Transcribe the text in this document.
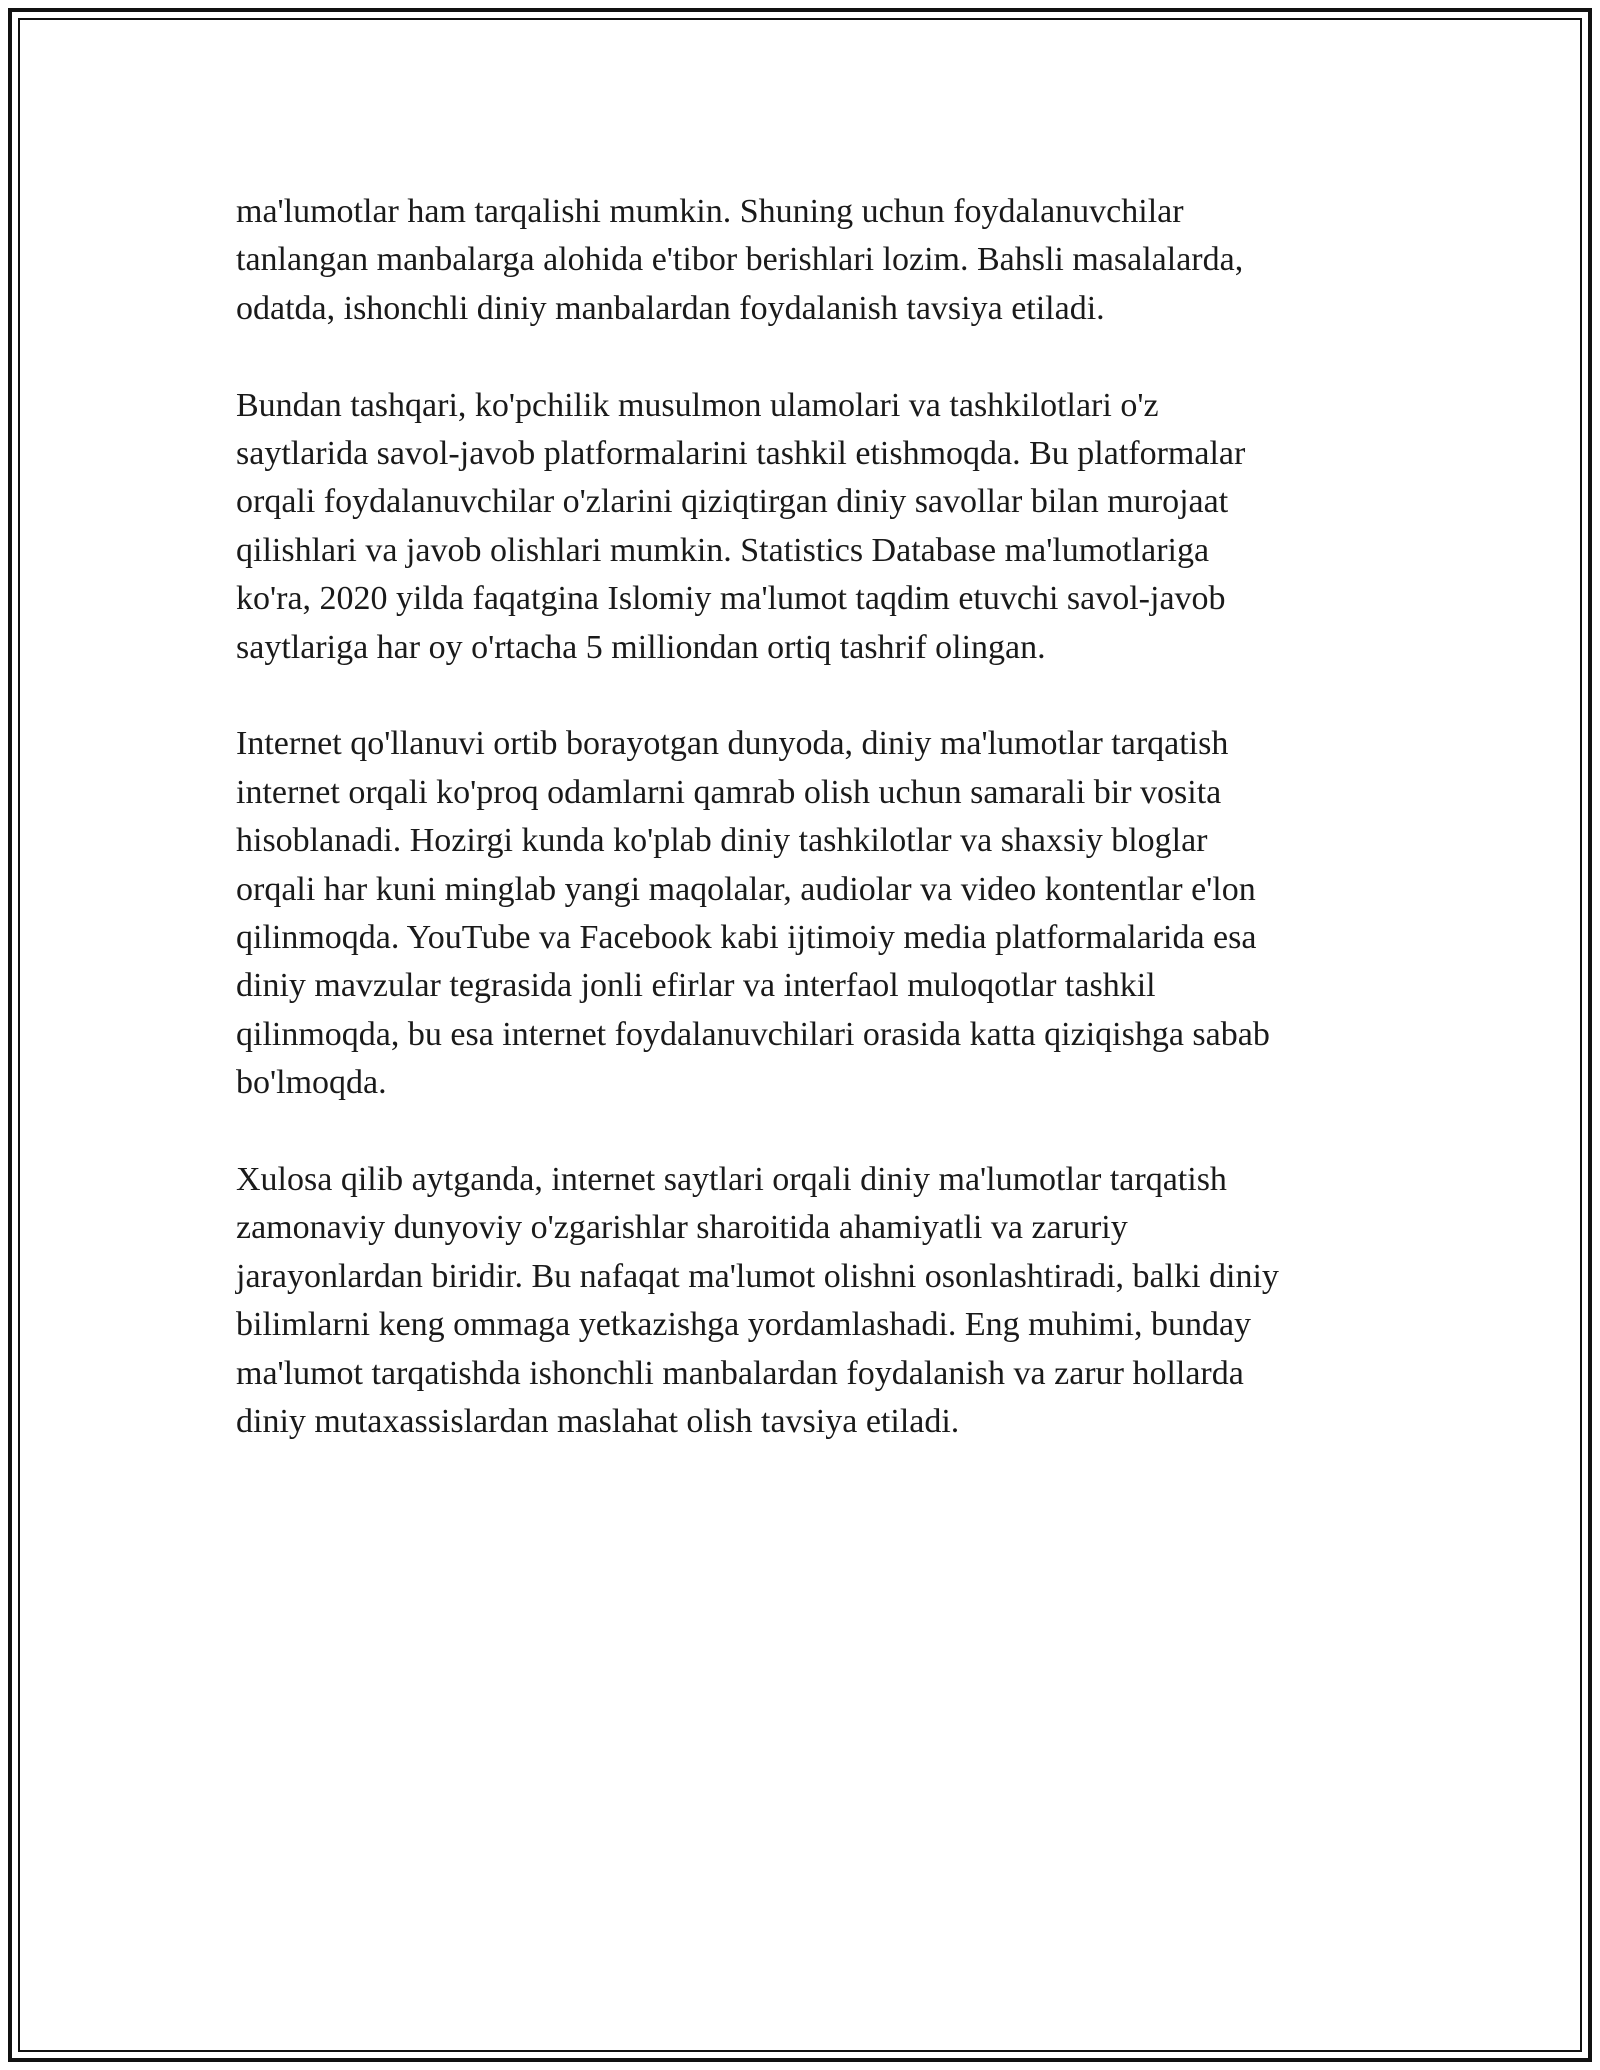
ma'lumotlar ham tarqalishi mumkin. Shuning uchun foydalanuvchilar
tanlangan manbalarga alohida e'tibor berishlari lozim. Bahsli masalalarda,
odatda, ishonchli diniy manbalardan foydalanish tavsiya etiladi.

Bundan tashqari, ko'pchilik musulmon ulamolari va tashkilotlari o'z
saytlarida savol-javob platformalarini tashkil etishmoqda. Bu platformalar
orqali foydalanuvchilar o'zlarini qiziqtirgan diniy savollar bilan murojaat
qilishlari va javob olishlari mumkin. Statistics Database ma'lumotlariga
ko'ra, 2020 yilda faqatgina Islomiy ma'lumot taqdim etuvchi savol-javob
saytlariga har oy o'rtacha 5 milliondan ortiq tashrif olingan.

Internet qo'llanuvi ortib borayotgan dunyoda, diniy ma'lumotlar tarqatish
internet orqali ko'proq odamlarni qamrab olish uchun samarali bir vosita
hisoblanadi. Hozirgi kunda ko'plab diniy tashkilotlar va shaxsiy bloglar
orqali har kuni minglab yangi maqolalar, audiolar va video kontentlar e'lon
qilinmoqda. YouTube va Facebook kabi ijtimoiy media platformalarida esa
diniy mavzular tegrasida jonli efirlar va interfaol muloqotlar tashkil
qilinmoqda, bu esa internet foydalanuvchilari orasida katta qiziqishga sabab
bo'lmoqda.

Xulosa qilib aytganda, internet saytlari orqali diniy ma'lumotlar tarqatish
zamonaviy dunyoviy o'zgarishlar sharoitida ahamiyatli va zaruriy
jarayonlardan biridir. Bu nafaqat ma'lumot olishni osonlashtiradi, balki diniy
bilimlarni keng ommaga yetkazishga yordamlashadi. Eng muhimi, bunday
ma'lumot tarqatishda ishonchli manbalardan foydalanish va zarur hollarda
diniy mutaxassislardan maslahat olish tavsiya etiladi.
